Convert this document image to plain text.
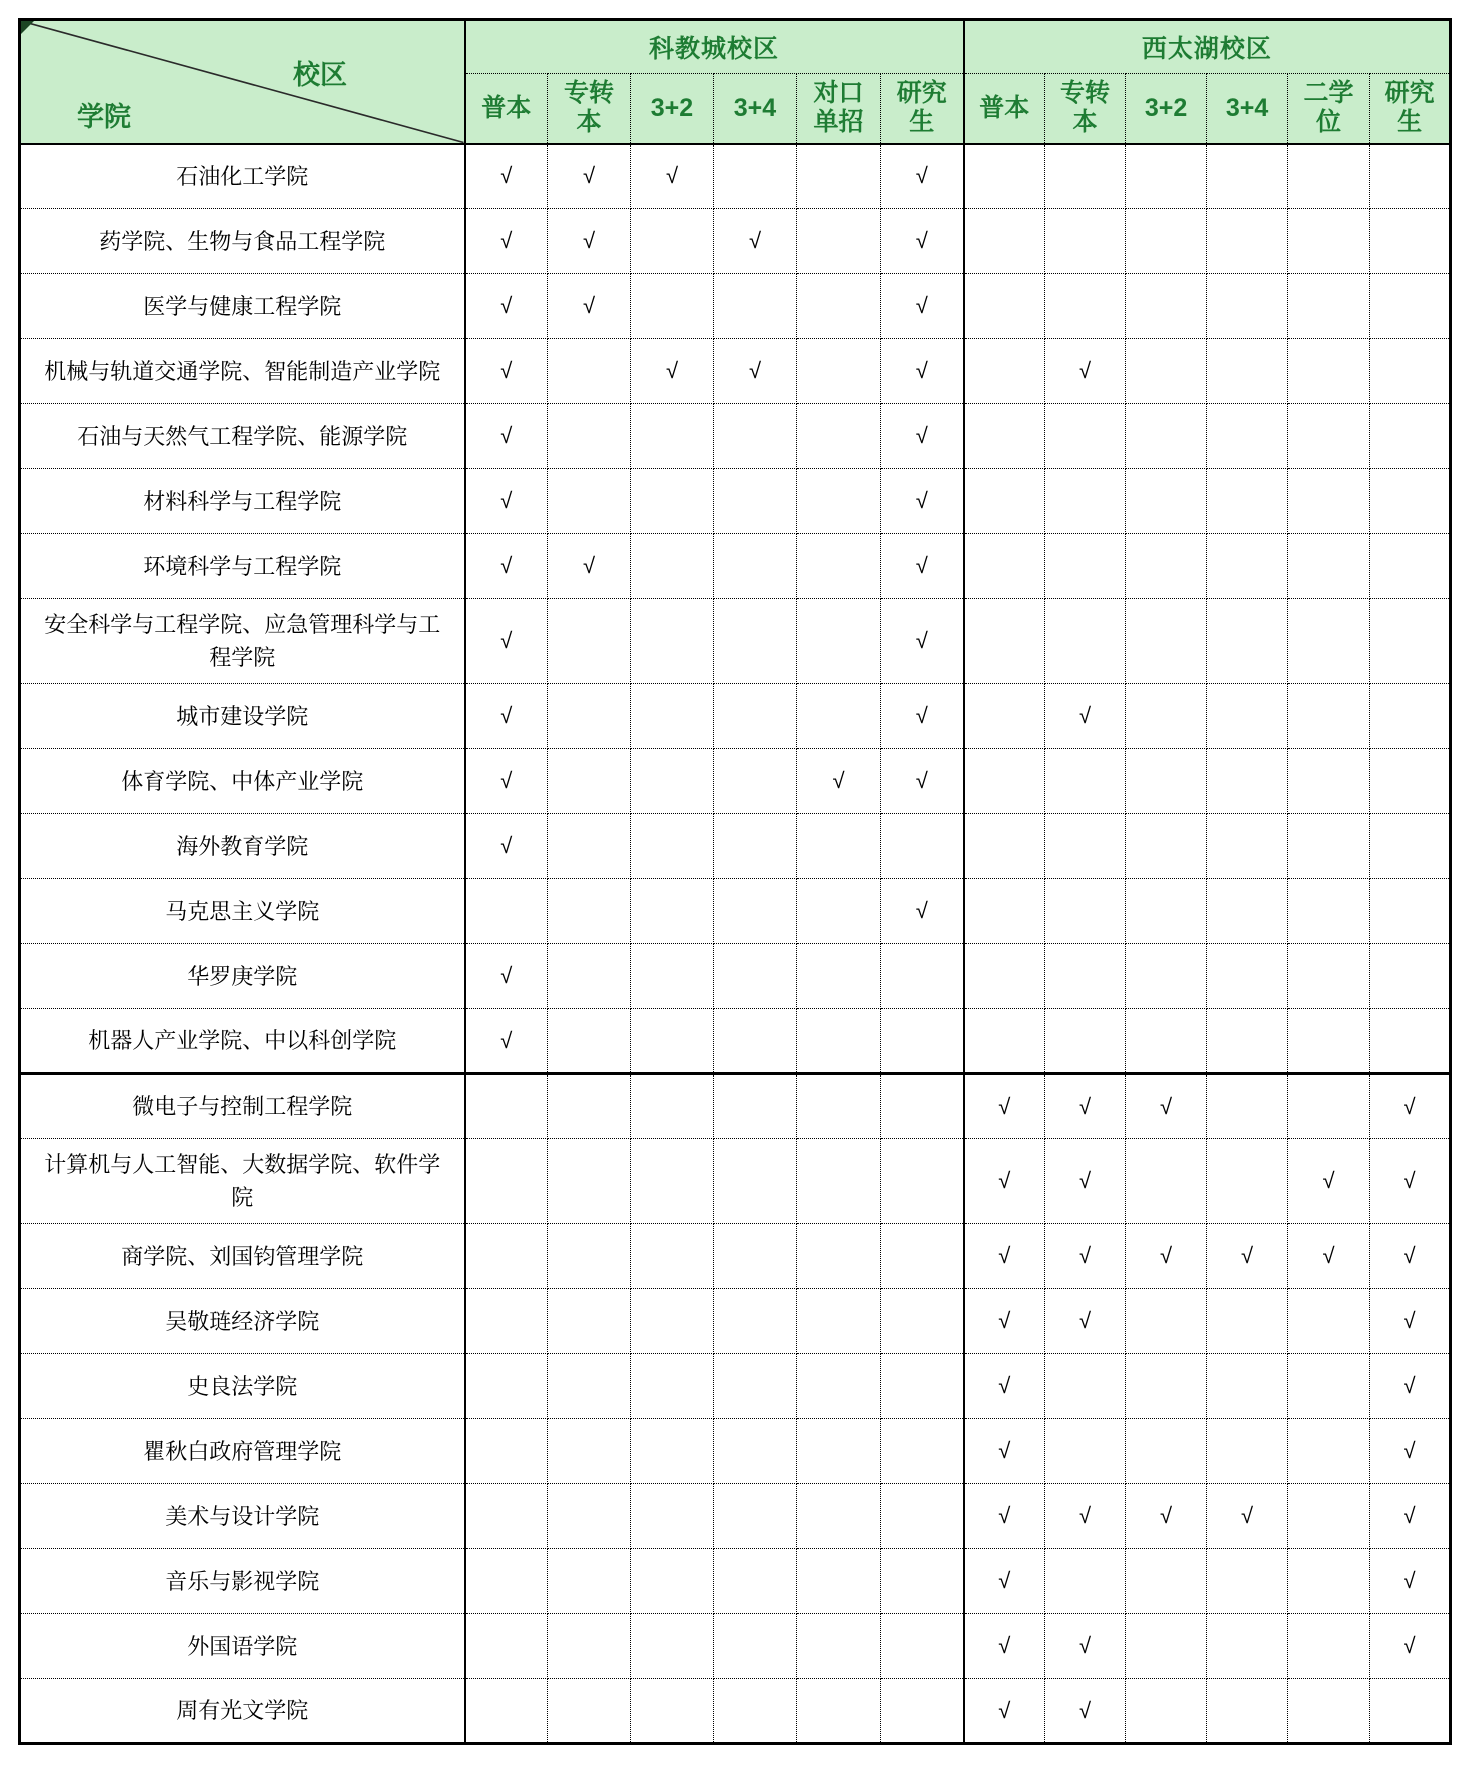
校区
学院	科教城校区						西太湖校区					
	普本	专转本	3+2	3+4	对口单招	研究生	普本	专转本	3+2	3+4	二学位	研究生
石油化工学院	√	√	√			√						
药学院、生物与食品工程学院	√	√		√		√						
医学与健康工程学院	√	√				√						
机械与轨道交通学院、智能制造产业学院	√		√	√		√		√				
石油与天然气工程学院、能源学院	√					√						
材料科学与工程学院	√					√						
环境科学与工程学院	√	√				√						
安全科学与工程学院、应急管理科学与工程学院	√					√						
城市建设学院	√					√		√				
体育学院、中体产业学院	√				√	√						
海外教育学院	√											
马克思主义学院						√						
华罗庚学院	√											
机器人产业学院、中以科创学院	√											
微电子与控制工程学院							√	√	√			√
计算机与人工智能、大数据学院、软件学院							√	√			√	√
商学院、刘国钧管理学院							√	√	√	√	√	√
吴敬琏经济学院							√	√				√
史良法学院							√					√
瞿秋白政府管理学院							√					√
美术与设计学院							√	√	√	√		√
音乐与影视学院							√					√
外国语学院							√	√				√
周有光文学院							√	√				
